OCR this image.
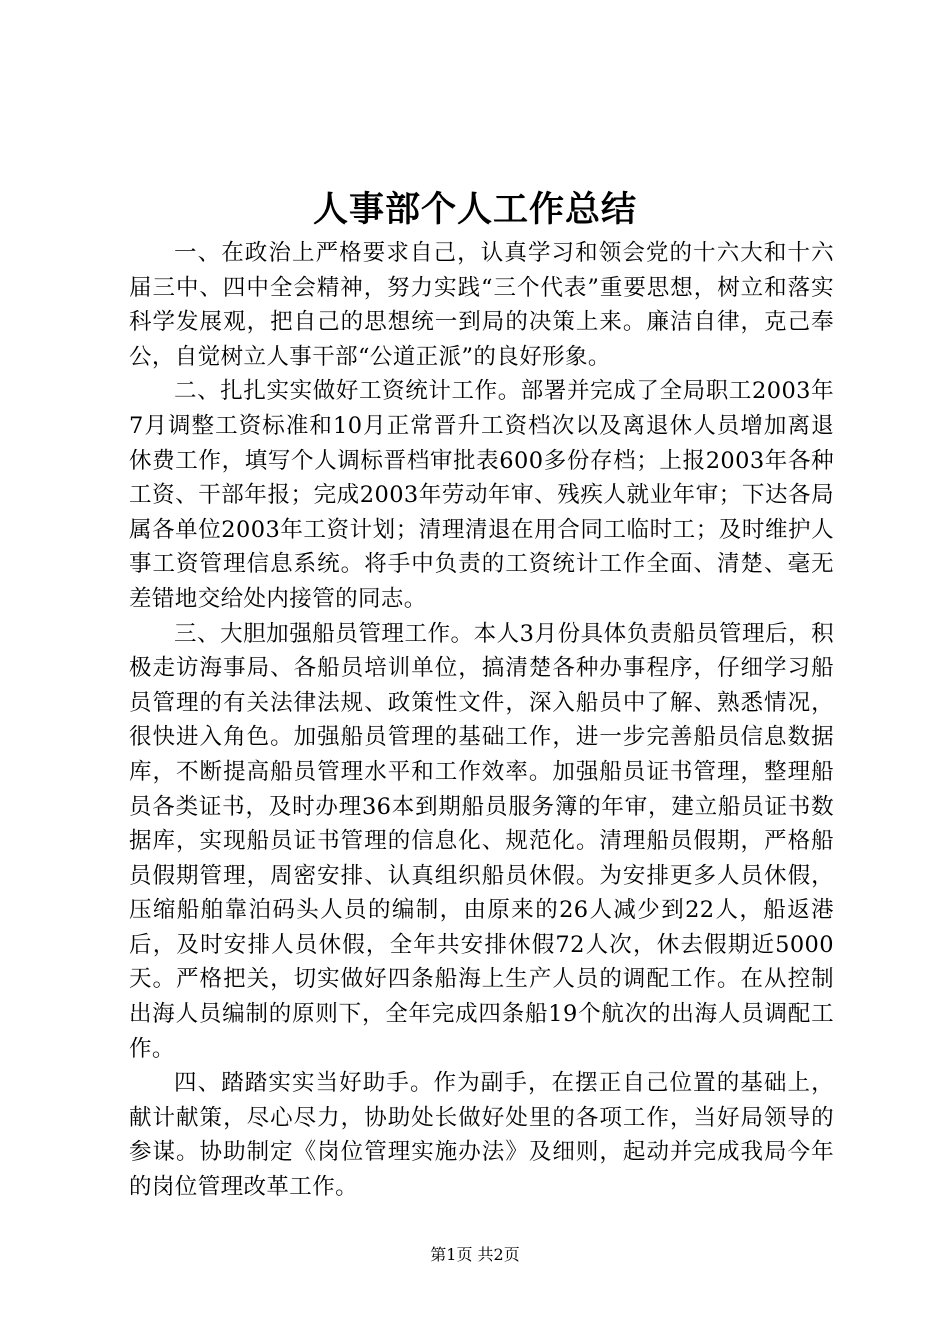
人事部个人工作总结

一、在政治上严格要求自己，认真学习和领会党的十六大和十六届三中、四中全会精神，努力实践“三个代表”重要思想，树立和落实科学发展观，把自己的思想统一到局的决策上来。廉洁自律，克己奉公，自觉树立人事干部“公道正派”的良好形象。

二、扎扎实实做好工资统计工作。部署并完成了全局职工2003年7月调整工资标准和10月正常晋升工资档次以及离退休人员增加离退休费工作，填写个人调标晋档审批表600多份存档；上报2003年各种工资、干部年报；完成2003年劳动年审、残疾人就业年审；下达各局属各单位2003年工资计划；清理清退在用合同工临时工；及时维护人事工资管理信息系统。将手中负责的工资统计工作全面、清楚、毫无差错地交给处内接管的同志。

三、大胆加强船员管理工作。本人3月份具体负责船员管理后，积极走访海事局、各船员培训单位，搞清楚各种办事程序，仔细学习船员管理的有关法律法规、政策性文件，深入船员中了解、熟悉情况，很快进入角色。加强船员管理的基础工作，进一步完善船员信息数据库，不断提高船员管理水平和工作效率。加强船员证书管理，整理船员各类证书，及时办理36本到期船员服务簿的年审，建立船员证书数据库，实现船员证书管理的信息化、规范化。清理船员假期，严格船员假期管理，周密安排、认真组织船员休假。为安排更多人员休假，压缩船舶靠泊码头人员的编制，由原来的26人减少到22人，船返港后，及时安排人员休假，全年共安排休假72人次，休去假期近5000天。严格把关，切实做好四条船海上生产人员的调配工作。在从控制出海人员编制的原则下，全年完成四条船19个航次的出海人员调配工作。

四、踏踏实实当好助手。作为副手，在摆正自己位置的基础上，献计献策，尽心尽力，协助处长做好处里的各项工作，当好局领导的参谋。协助制定《岗位管理实施办法》及细则，起动并完成我局今年的岗位管理改革工作。

第1页 共2页
